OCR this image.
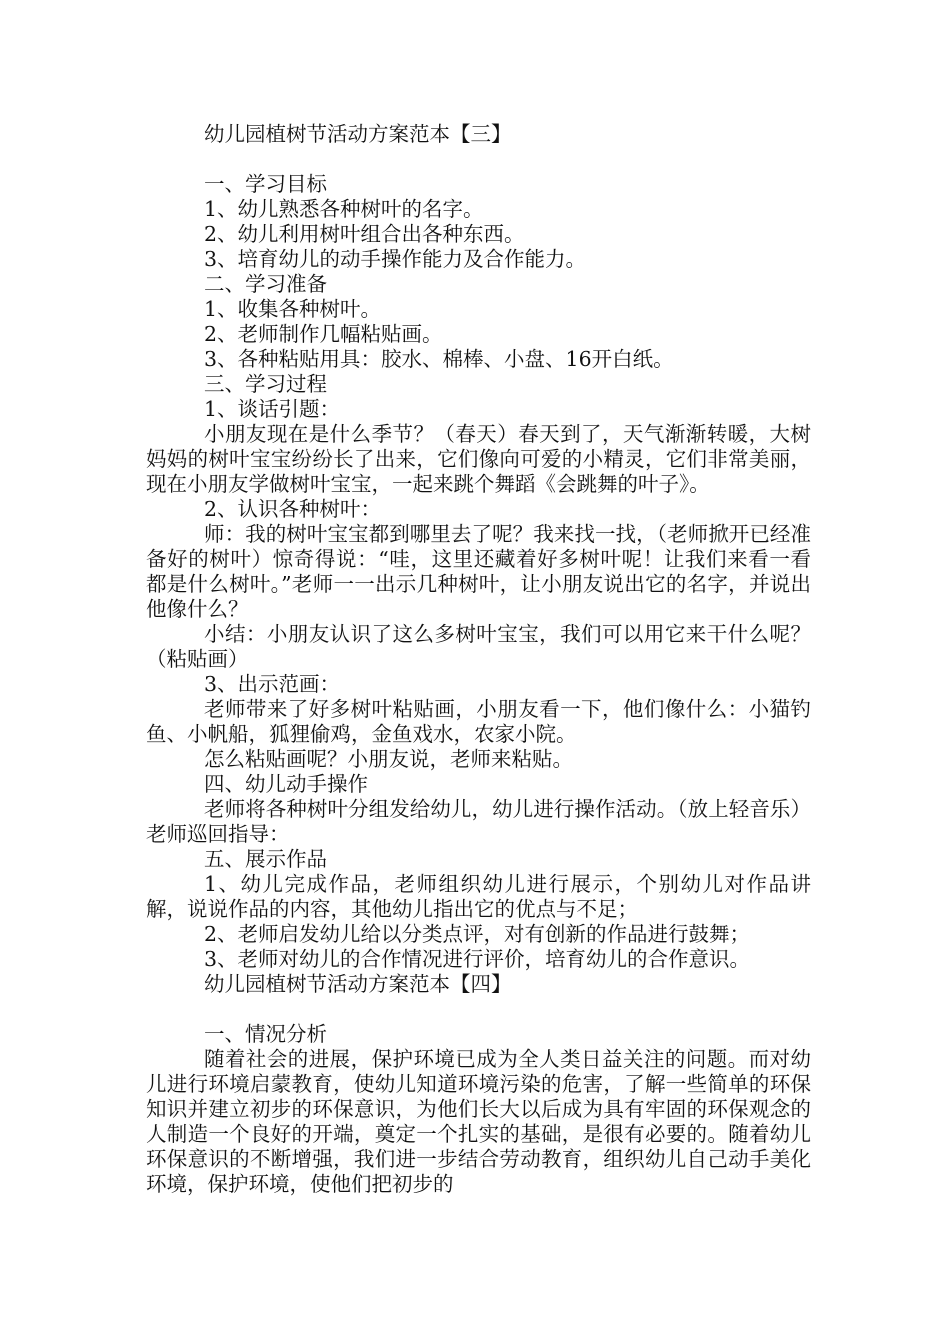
幼儿园植树节活动方案范本【三】
一、学习目标
1、幼儿熟悉各种树叶的名字。
2、幼儿利用树叶组合出各种东西。
3、培育幼儿的动手操作能力及合作能力。
二、学习准备
1、收集各种树叶。
2、老师制作几幅粘贴画。
3、各种粘贴用具：胶水、棉棒、小盘、16开白纸。
三、学习过程
1、谈话引题：
小朋友现在是什么季节？（春天）春天到了，天气渐渐转暖，大树妈妈的树叶宝宝纷纷长了出来，它们像向可爱的小精灵，它们非常美丽，现在小朋友学做树叶宝宝，一起来跳个舞蹈《会跳舞的叶子》。
2、认识各种树叶：
师：我的树叶宝宝都到哪里去了呢？我来找一找，（老师掀开已经准备好的树叶）惊奇得说：“哇，这里还藏着好多树叶呢！让我们来看一看都是什么树叶。”老师一一出示几种树叶，让小朋友说出它的名字，并说出他像什么？
小结：小朋友认识了这么多树叶宝宝，我们可以用它来干什么呢？（粘贴画）
3、出示范画：
老师带来了好多树叶粘贴画，小朋友看一下，他们像什么：小猫钓鱼、小帆船，狐狸偷鸡，金鱼戏水，农家小院。
怎么粘贴画呢？小朋友说，老师来粘贴。
四、幼儿动手操作
老师将各种树叶分组发给幼儿，幼儿进行操作活动。（放上轻音乐）老师巡回指导：
五、展示作品
1、幼儿完成作品，老师组织幼儿进行展示，个别幼儿对作品讲解，说说作品的内容，其他幼儿指出它的优点与不足；
2、老师启发幼儿给以分类点评，对有创新的作品进行鼓舞；
3、老师对幼儿的合作情况进行评价，培育幼儿的合作意识。
幼儿园植树节活动方案范本【四】
一、情况分析
随着社会的进展，保护环境已成为全人类日益关注的问题。而对幼儿进行环境启蒙教育，使幼儿知道环境污染的危害，了解一些简单的环保知识并建立初步的环保意识，为他们长大以后成为具有牢固的环保观念的人制造一个良好的开端，奠定一个扎实的基础，是很有必要的。随着幼儿环保意识的不断增强，我们进一步结合劳动教育，组织幼儿自己动手美化环境，保护环境，使他们把初步的
